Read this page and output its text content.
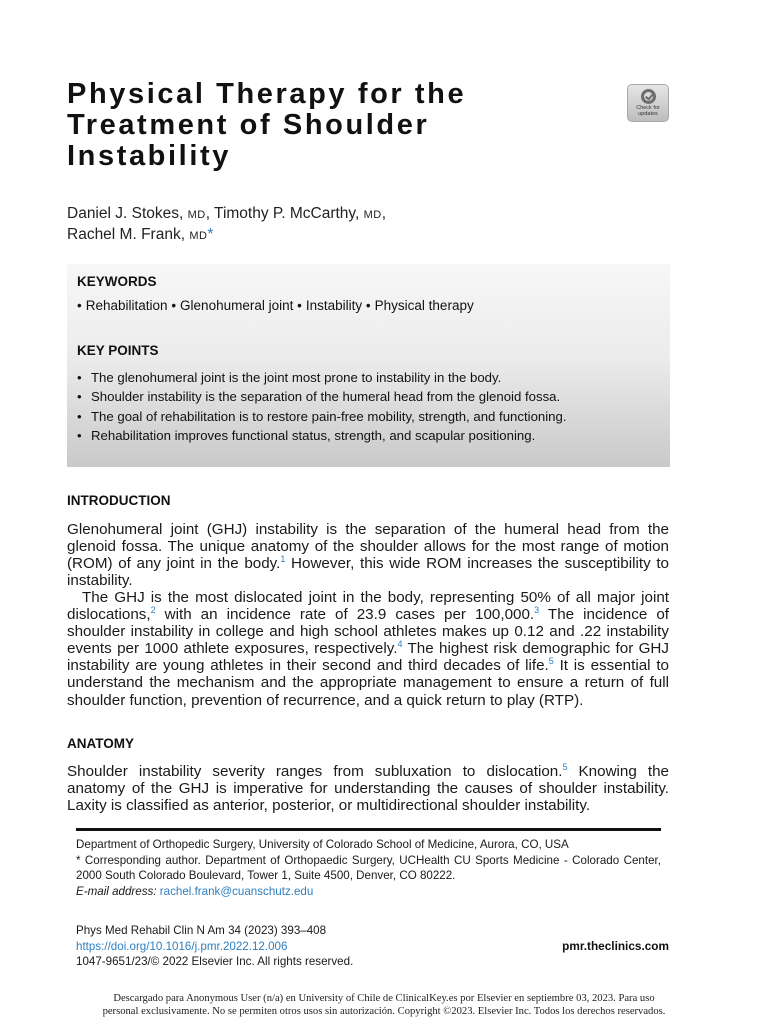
Physical Therapy for the Treatment of Shoulder Instability
Check for updates

Daniel J. Stokes, MD, Timothy P. McCarthy, MD,
Rachel M. Frank, MD*

KEYWORDS

• Rehabilitation • Glenohumeral joint • Instability • Physical therapy

KEY POINTS

• The glenohumeral joint is the joint most prone to instability in the body.
• Shoulder instability is the separation of the humeral head from the glenoid fossa.
• The goal of rehabilitation is to restore pain-free mobility, strength, and functioning.
• Rehabilitation improves functional status, strength, and scapular positioning.
INTRODUCTION

Glenohumeral joint (GHJ) instability is the separation of the humeral head from the glenoid fossa. The unique anatomy of the shoulder allows for the most range of motion (ROM) of any joint in the body.$^1$ However, this wide ROM increases the susceptibility to instability.

The GHJ is the most dislocated joint in the body, representing 50% of all major joint dislocations,$^2$ with an incidence rate of 23.9 cases per 100,000.$^3$ The incidence of shoulder instability in college and high school athletes makes up 0.12 and .22 instability events per 1000 athlete exposures, respectively.$^4$ The highest risk demographic for GHJ instability are young athletes in their second and third decades of life.$^5$ It is essential to understand the mechanism and the appropriate management to ensure a return of full shoulder function, prevention of recurrence, and a quick return to play (RTP).

ANATOMY

Shoulder instability severity ranges from subluxation to dislocation.$^5$ Knowing the anatomy of the GHJ is imperative for understanding the causes of shoulder instability. Laxity is classified as anterior, posterior, or multidirectional shoulder instability.

Department of Orthopedic Surgery, University of Colorado School of Medicine, Aurora, CO, USA
* Corresponding author. Department of Orthopaedic Surgery, UCHealth CU Sports Medicine - Colorado Center, 2000 South Colorado Boulevard, Tower 1, Suite 4500, Denver, CO 80222.
E-mail address: rachel.frank@cuanschutz.edu

Phys Med Rehabil Clin N Am 34 (2023) 393–408
https://doi.org/10.1016/j.pmr.2022.12.006
1047-9651/23/© 2022 Elsevier Inc. All rights reserved.

pmr.theclinics.com

Descargado para Anonymous User (n/a) en University of Chile de ClinicalKey.es por Elsevier en septiembre 03, 2023. Para uso
personal exclusivamente. No se permiten otros usos sin autorización. Copyright ©2023. Elsevier Inc. Todos los derechos reservados.
